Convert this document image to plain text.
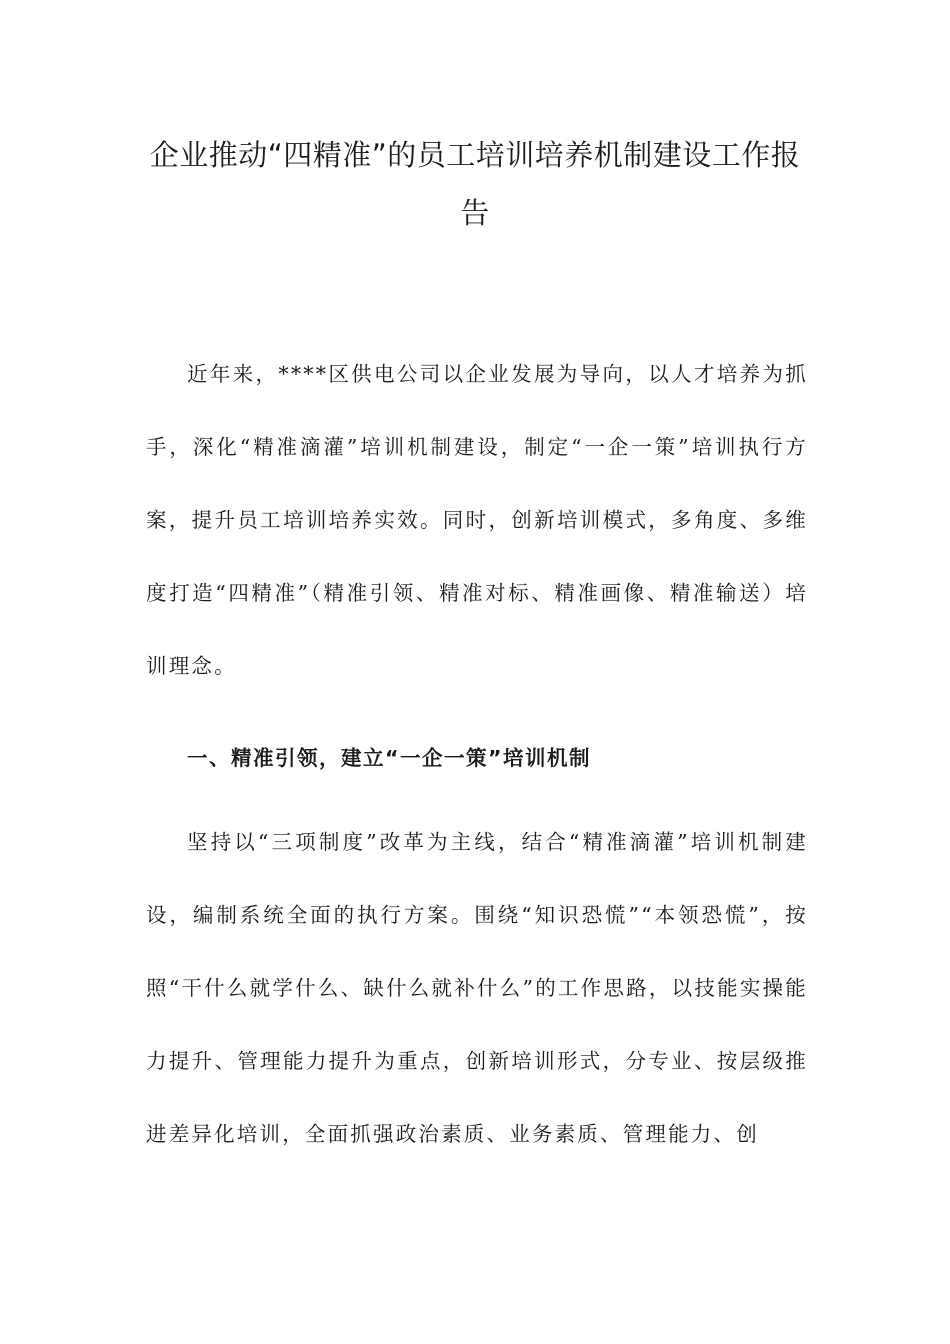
企业推动“四精准”的员工培训培养机制建设工作报告

近年来，****区供电公司以企业发展为导向，以人才培养为抓手，深化“精准滴灌”培训机制建设，制定“一企一策”培训执行方案，提升员工培训培养实效。同时，创新培训模式，多角度、多维度打造“四精准”（精准引领、精准对标、精准画像、精准输送）培训理念。

一、精准引领，建立“一企一策”培训机制

坚持以“三项制度”改革为主线，结合“精准滴灌”培训机制建设，编制系统全面的执行方案。围绕“知识恐慌”“本领恐慌”，按照“干什么就学什么、缺什么就补什么”的工作思路，以技能实操能力提升、管理能力提升为重点，创新培训形式，分专业、按层级推进差异化培训，全面抓强政治素质、业务素质、管理能力、创
